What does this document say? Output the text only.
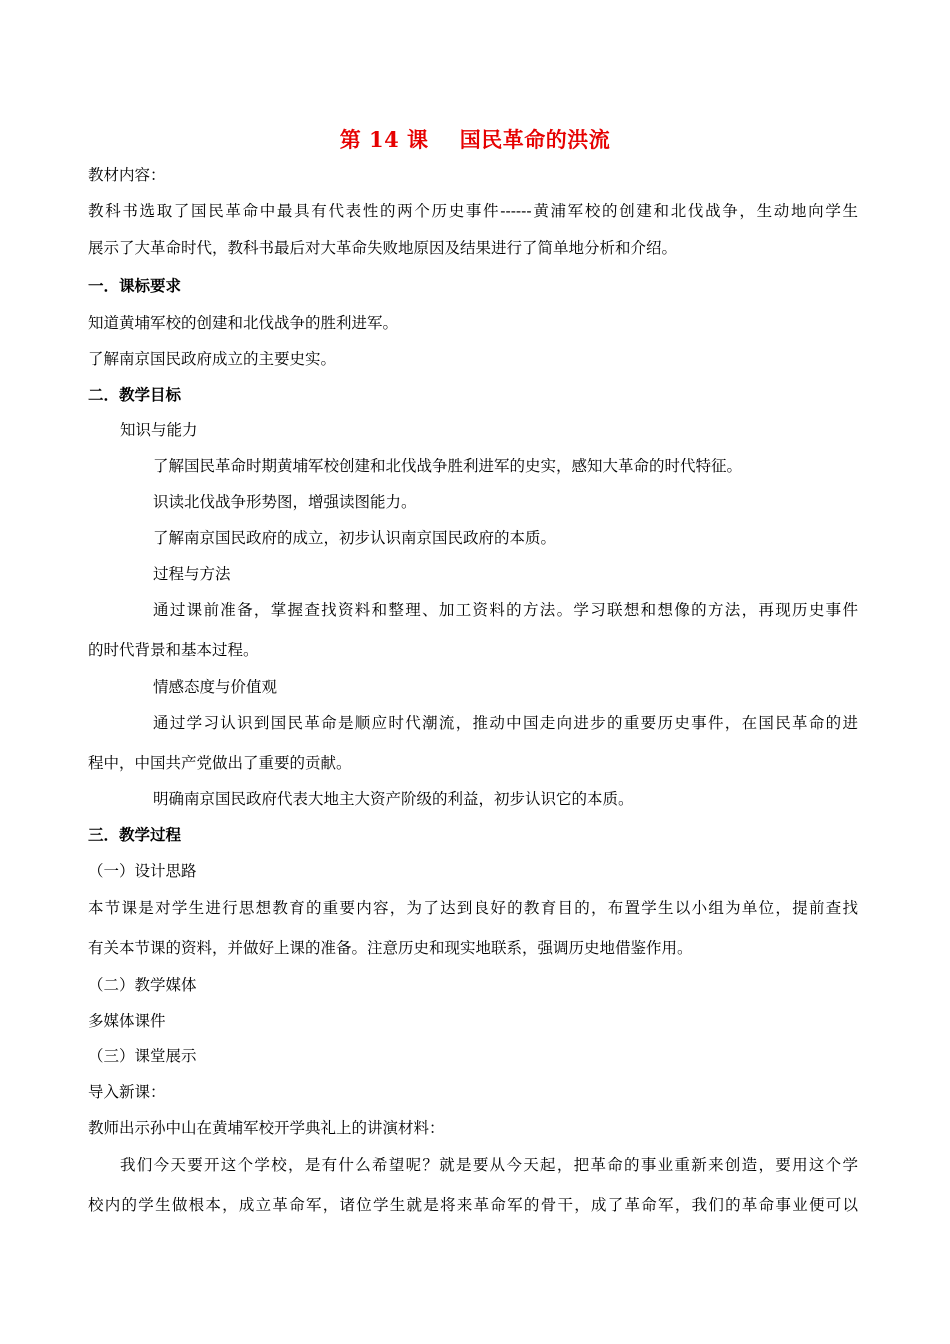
第 14 课    国民革命的洪流
教材内容：
教科书选取了国民革命中最具有代表性的两个历史事件------黄浦军校的创建和北伐战争，生动地向学生
展示了大革命时代，教科书最后对大革命失败地原因及结果进行了简单地分析和介绍。
一．课标要求
知道黄埔军校的创建和北伐战争的胜利进军。
了解南京国民政府成立的主要史实。
二．教学目标
知识与能力
了解国民革命时期黄埔军校创建和北伐战争胜利进军的史实，感知大革命的时代特征。
识读北伐战争形势图，增强读图能力。
了解南京国民政府的成立，初步认识南京国民政府的本质。
过程与方法
通过课前准备，掌握查找资料和整理、加工资料的方法。学习联想和想像的方法，再现历史事件
的时代背景和基本过程。
情感态度与价值观
通过学习认识到国民革命是顺应时代潮流，推动中国走向进步的重要历史事件，在国民革命的进
程中，中国共产党做出了重要的贡献。
明确南京国民政府代表大地主大资产阶级的利益，初步认识它的本质。
三．教学过程
（一）设计思路
本节课是对学生进行思想教育的重要内容，为了达到良好的教育目的，布置学生以小组为单位，提前查找
有关本节课的资料，并做好上课的准备。注意历史和现实地联系，强调历史地借鉴作用。
（二）教学媒体
多媒体课件
（三）课堂展示
导入新课：
教师出示孙中山在黄埔军校开学典礼上的讲演材料：
我们今天要开这个学校，是有什么希望呢？就是要从今天起，把革命的事业重新来创造，要用这个学
校内的学生做根本，成立革命军，诸位学生就是将来革命军的骨干，成了革命军，我们的革命事业便可以
